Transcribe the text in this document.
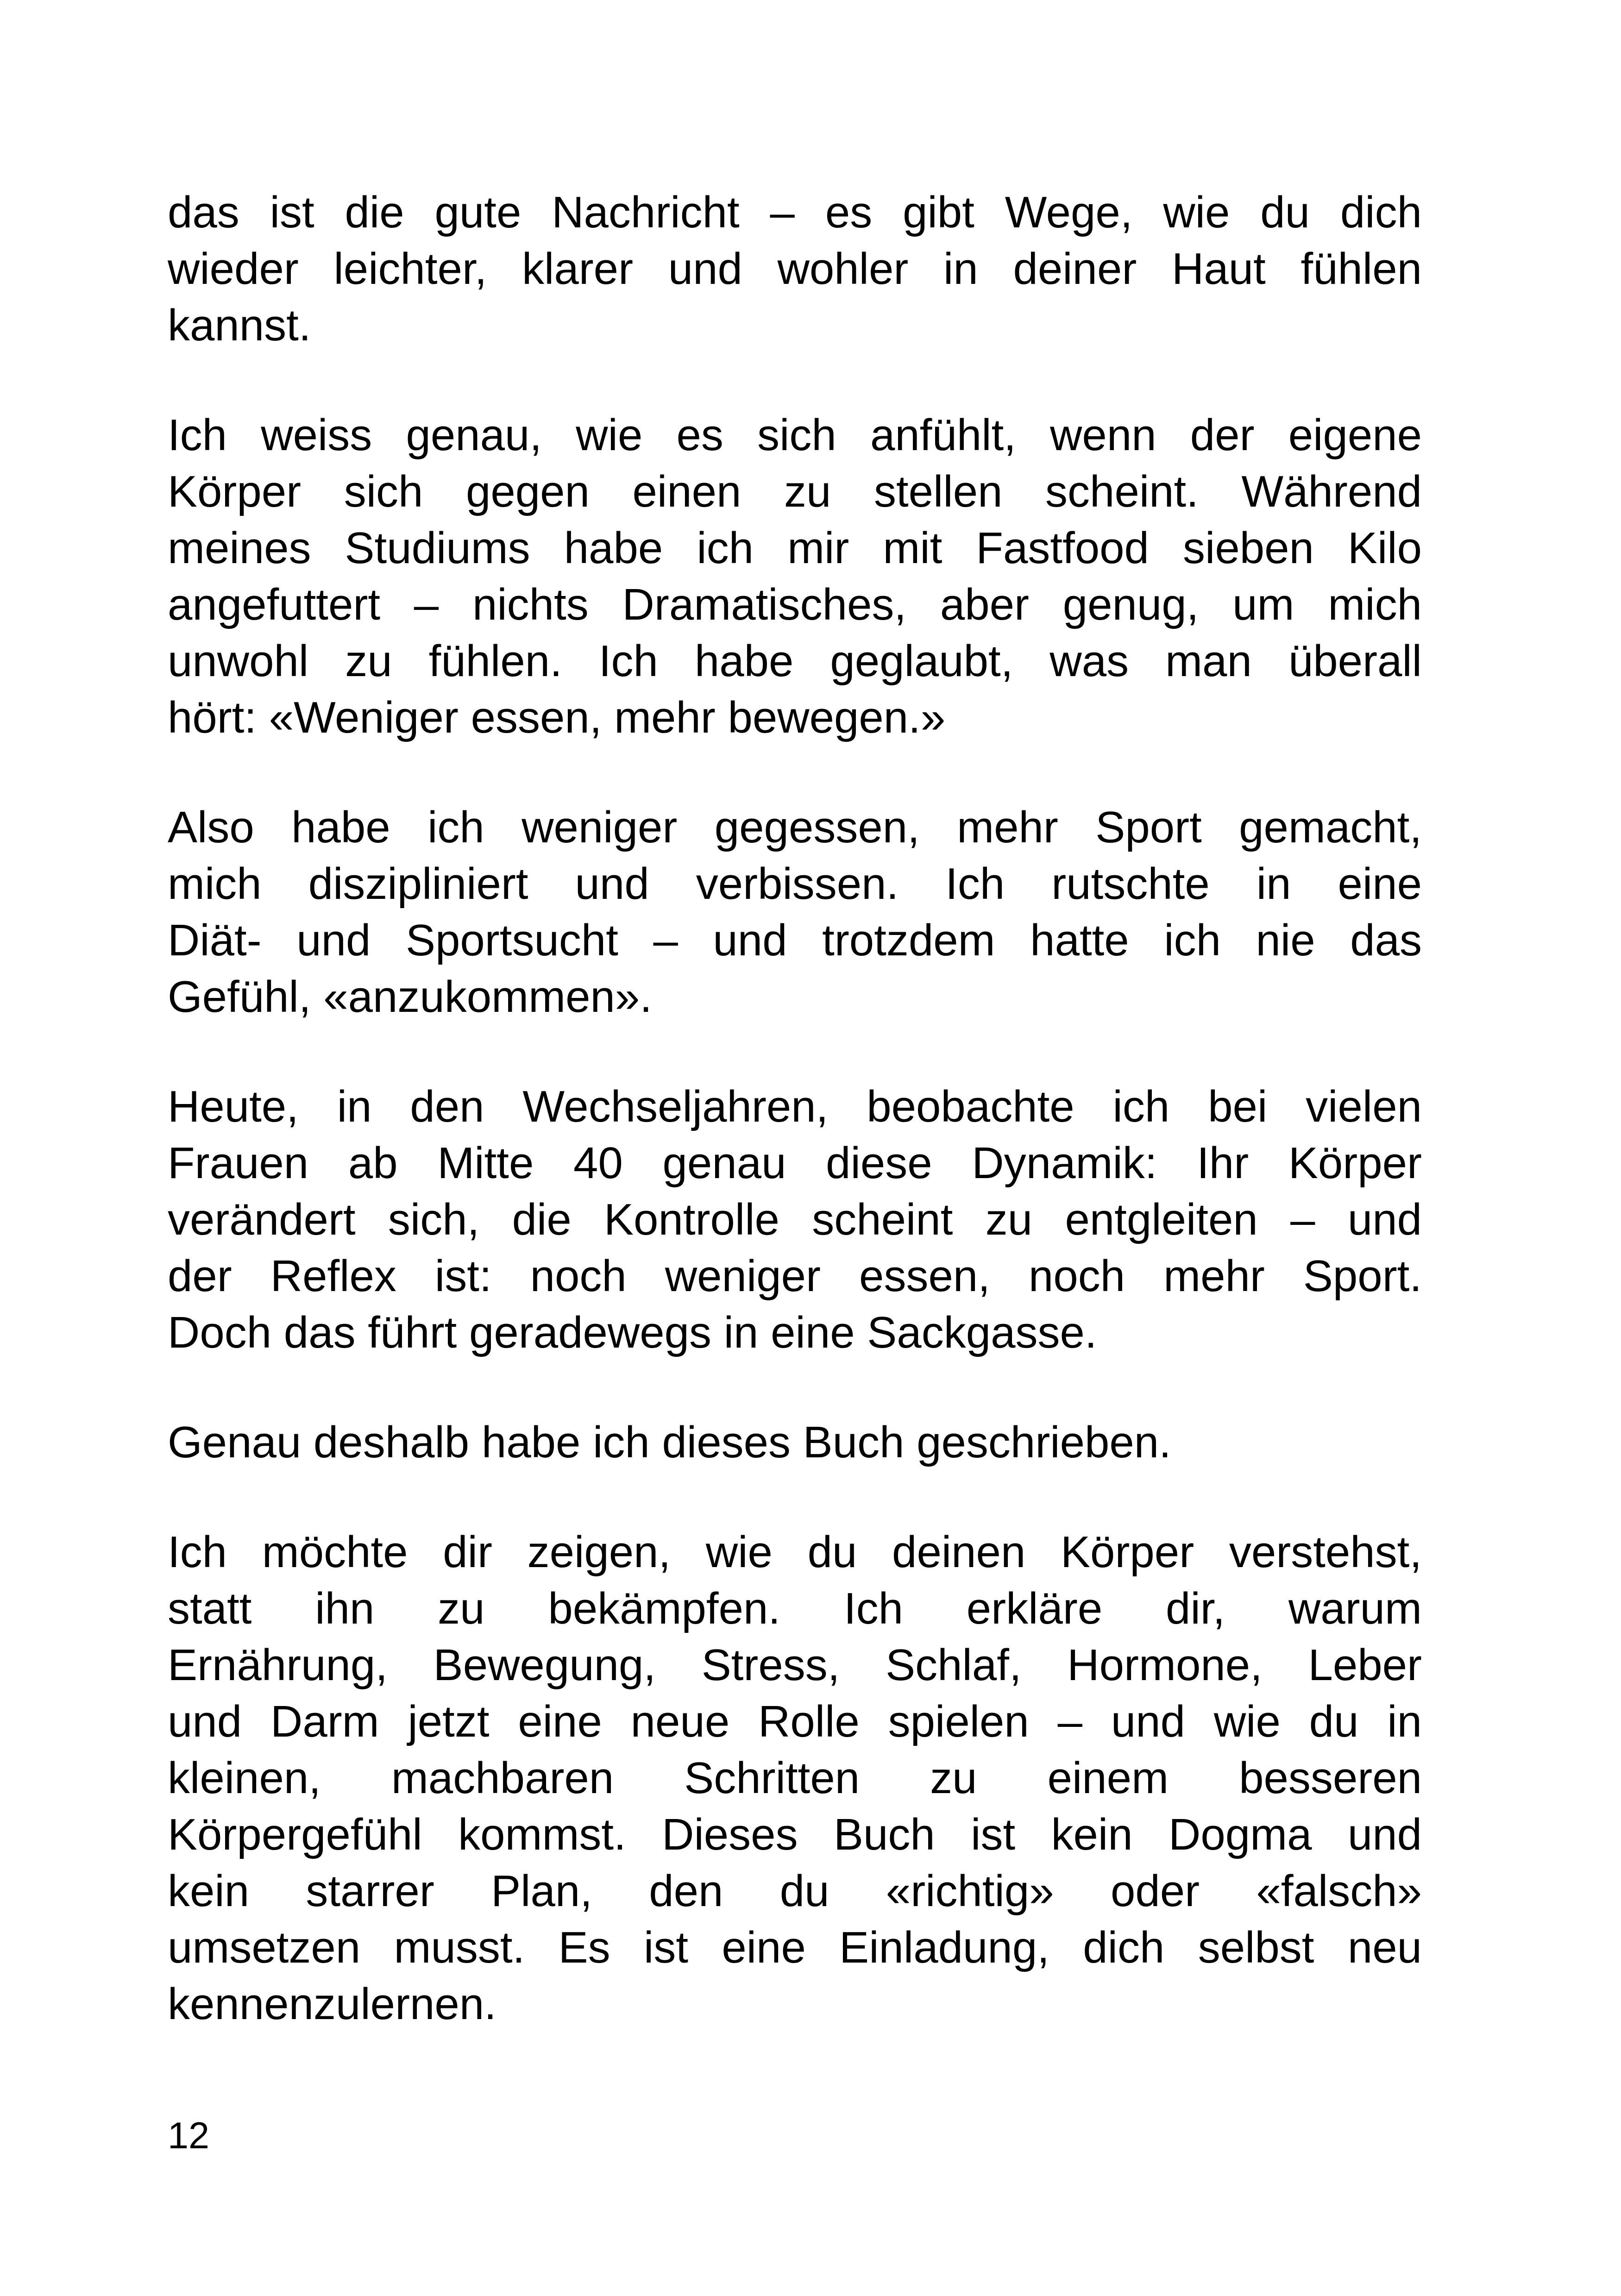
das ist die gute Nachricht – es gibt Wege, wie du dich
wieder leichter, klarer und wohler in deiner Haut fühlen
kannst.

Ich weiss genau, wie es sich anfühlt, wenn der eigene
Körper sich gegen einen zu stellen scheint. Während
meines Studiums habe ich mir mit Fastfood sieben Kilo
angefuttert – nichts Dramatisches, aber genug, um mich
unwohl zu fühlen. Ich habe geglaubt, was man überall
hört: «Weniger essen, mehr bewegen.»

Also habe ich weniger gegessen, mehr Sport gemacht,
mich diszipliniert und verbissen. Ich rutschte in eine
Diät- und Sportsucht – und trotzdem hatte ich nie das
Gefühl, «anzukommen».

Heute, in den Wechseljahren, beobachte ich bei vielen
Frauen ab Mitte 40 genau diese Dynamik: Ihr Körper
verändert sich, die Kontrolle scheint zu entgleiten – und
der Reflex ist: noch weniger essen, noch mehr Sport.
Doch das führt geradewegs in eine Sackgasse.

Genau deshalb habe ich dieses Buch geschrieben.

Ich möchte dir zeigen, wie du deinen Körper verstehst,
statt ihn zu bekämpfen. Ich erkläre dir, warum
Ernährung, Bewegung, Stress, Schlaf, Hormone, Leber
und Darm jetzt eine neue Rolle spielen – und wie du in
kleinen, machbaren Schritten zu einem besseren
Körpergefühl kommst. Dieses Buch ist kein Dogma und
kein starrer Plan, den du «richtig» oder «falsch»
umsetzen musst. Es ist eine Einladung, dich selbst neu
kennenzulernen.

12
